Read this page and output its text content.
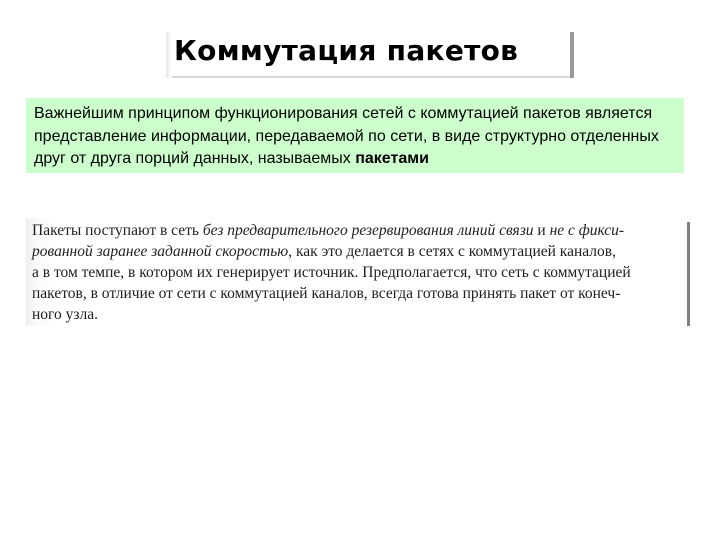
Коммутация пакетов
Важнейшим принципом функционирования сетей с коммутацией пакетов является представление информации, передаваемой по сети, в виде структурно отделенных друг от друга порций данных, называемых пакетами
Пакеты поступают в сеть без предварительного резервирования линий связи и не с фикси-
рованной заранее заданной скоростью, как это делается в сетях с коммутацией каналов,
а в том темпе, в котором их генерирует источник. Предполагается, что сеть с коммутацией
пакетов, в отличие от сети с коммутацией каналов, всегда готова принять пакет от конеч-
ного узла.
